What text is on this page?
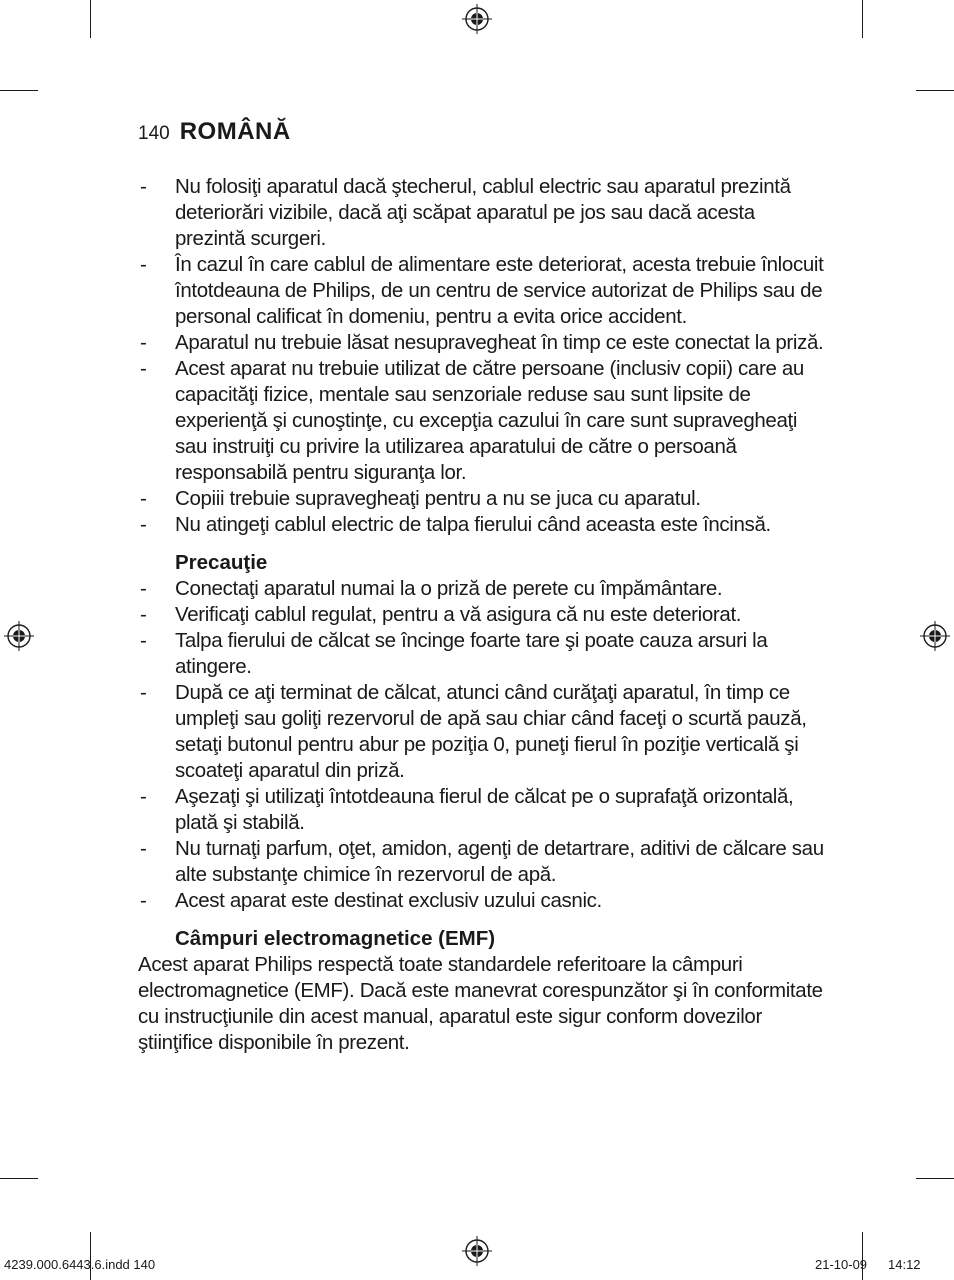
140 ROMÂNĂ
- Nu folosiţi aparatul dacă ştecherul, cablul electric sau aparatul prezintă deteriorări vizibile, dacă aţi scăpat aparatul pe jos sau dacă acesta prezintă scurgeri.
- În cazul în care cablul de alimentare este deteriorat, acesta trebuie înlocuit întotdeauna de Philips, de un centru de service autorizat de Philips sau de personal calificat în domeniu, pentru a evita orice accident.
- Aparatul nu trebuie lăsat nesupravegheat în timp ce este conectat la priză.
- Acest aparat nu trebuie utilizat de către persoane (inclusiv copii) care au capacităţi fizice, mentale sau senzoriale reduse sau sunt lipsite de experienţă şi cunoştinţe, cu excepţia cazului în care sunt supravegheaţi sau instruiţi cu privire la utilizarea aparatului de către o persoană responsabilă pentru siguranţa lor.
- Copiii trebuie supravegheaţi pentru a nu se juca cu aparatul.
- Nu atingeţi cablul electric de talpa fierului când aceasta este încinsă.
Precauţie
- Conectaţi aparatul numai la o priză de perete cu împământare.
- Verificaţi cablul regulat, pentru a vă asigura că nu este deteriorat.
- Talpa fierului de călcat se încinge foarte tare şi poate cauza arsuri la atingere.
- După ce aţi terminat de călcat, atunci când curăţaţi aparatul, în timp ce umpleţi sau goliţi rezervorul de apă sau chiar când faceţi o scurtă pauză, setaţi butonul pentru abur pe poziţia 0, puneţi fierul în poziţie verticală şi scoateţi aparatul din priză.
- Aşezaţi şi utilizaţi întotdeauna fierul de călcat pe o suprafaţă orizontală, plată şi stabilă.
- Nu turnaţi parfum, oţet, amidon, agenţi de detartrare, aditivi de călcare sau alte substanţe chimice în rezervorul de apă.
- Acest aparat este destinat exclusiv uzului casnic.
Câmpuri electromagnetice (EMF)

Acest aparat Philips respectă toate standardele referitoare la câmpuri electromagnetice (EMF). Dacă este manevrat corespunzător şi în conformitate cu instrucţiunile din acest manual, aparatul este sigur conform dovezilor ştiinţifice disponibile în prezent.

4239.000.6443.6.indd 140	21-10-09 14:12
